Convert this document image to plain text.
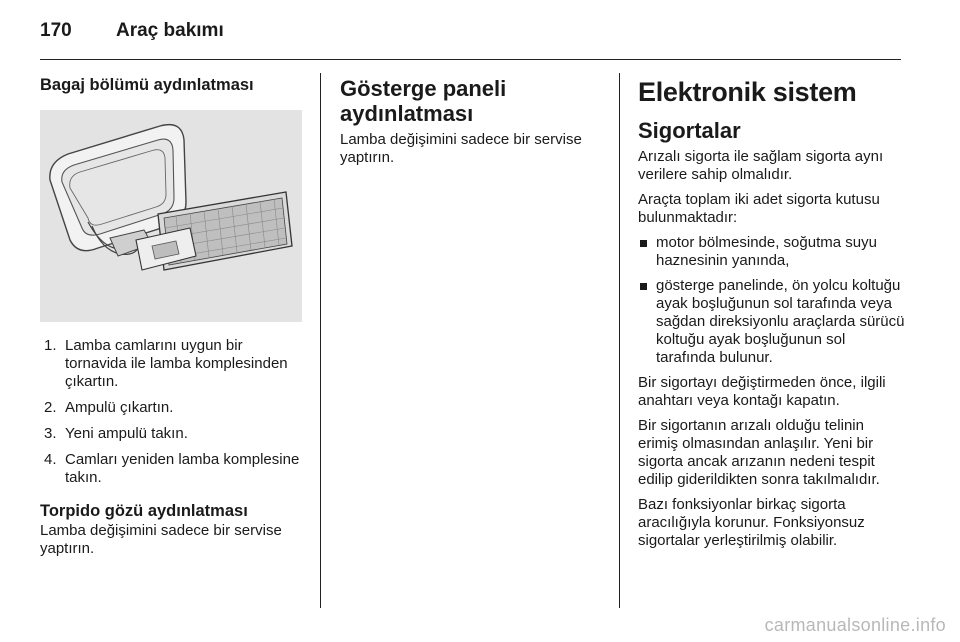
170 Araç bakımı
Bagaj bölümü aydınlatması
1. Lamba camlarını uygun bir tornavida ile lamba komplesinden çıkartın.
2. Ampulü çıkartın.
3. Yeni ampulü takın.
4. Camları yeniden lamba komplesine takın.
Torpido gözü aydınlatması

Lamba değişimini sadece bir servise yaptırın.

Gösterge paneli
aydınlatması

Lamba değişimini sadece bir servise yaptırın.

Elektronik sistem
Sigortalar

Arızalı sigorta ile sağlam sigorta aynı verilere sahip olmalıdır.

Araçta toplam iki adet sigorta kutusu bulunmaktadır:

motor bölmesinde, soğutma suyu haznesinin yanında,
gösterge panelinde, ön yolcu koltuğu ayak boşluğunun sol tarafında veya sağdan direksiyonlu araçlarda sürücü koltuğu ayak boşluğunun sol tarafında bulunur.

Bir sigortayı değiştirmeden önce, ilgili anahtarı veya kontağı kapatın.

Bir sigortanın arızalı olduğu telinin erimiş olmasından anlaşılır. Yeni bir sigorta ancak arızanın nedeni tespit edilip giderildikten sonra takılmalıdır.

Bazı fonksiyonlar birkaç sigorta aracılığıyla korunur. Fonksiyonsuz sigortalar yerleştirilmiş olabilir.

carmanualsonline.info
